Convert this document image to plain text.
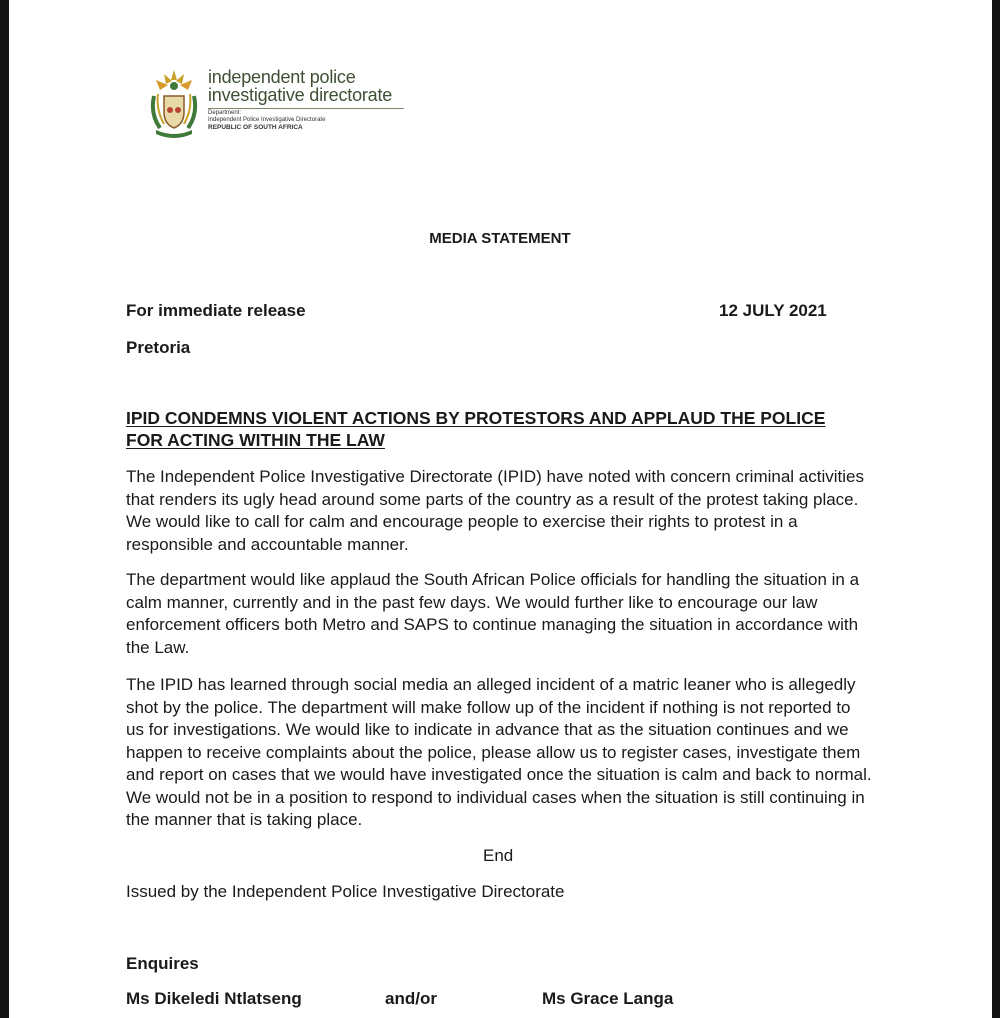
independent police
investigative directorate
Department:
Independent Police Investigative Directorate
REPUBLIC OF SOUTH AFRICA
MEDIA STATEMENT
For immediate release	12 JULY 2021
Pretoria
IPID CONDEMNS VIOLENT ACTIONS BY PROTESTORS AND APPLAUD THE POLICE FOR ACTING WITHIN THE LAW

The Independent Police Investigative Directorate (IPID) have noted with concern criminal activities that renders its ugly head around some parts of the country as a result of the protest taking place. We would like to call for calm and encourage people to exercise their rights to protest in a responsible and accountable manner.

The department would like applaud the South African Police officials for handling the situation in a calm manner, currently and in the past few days. We would further like to encourage our law enforcement officers both Metro and SAPS to continue managing the situation in accordance with the Law.

The IPID has learned through social media an alleged incident of a matric leaner who is allegedly shot by the police. The department will make follow up of the incident if nothing is not reported to us for investigations. We would like to indicate in advance that as the situation continues and we happen to receive complaints about the police, please allow us to register cases, investigate them and report on cases that we would have investigated once the situation is calm and back to normal. We would not be in a position to respond to individual cases when the situation is still continuing in the manner that is taking place.

End
Issued by the Independent Police Investigative Directorate
Enquires
Ms Dikeledi Ntlatseng	and/or	Ms Grace Langa
